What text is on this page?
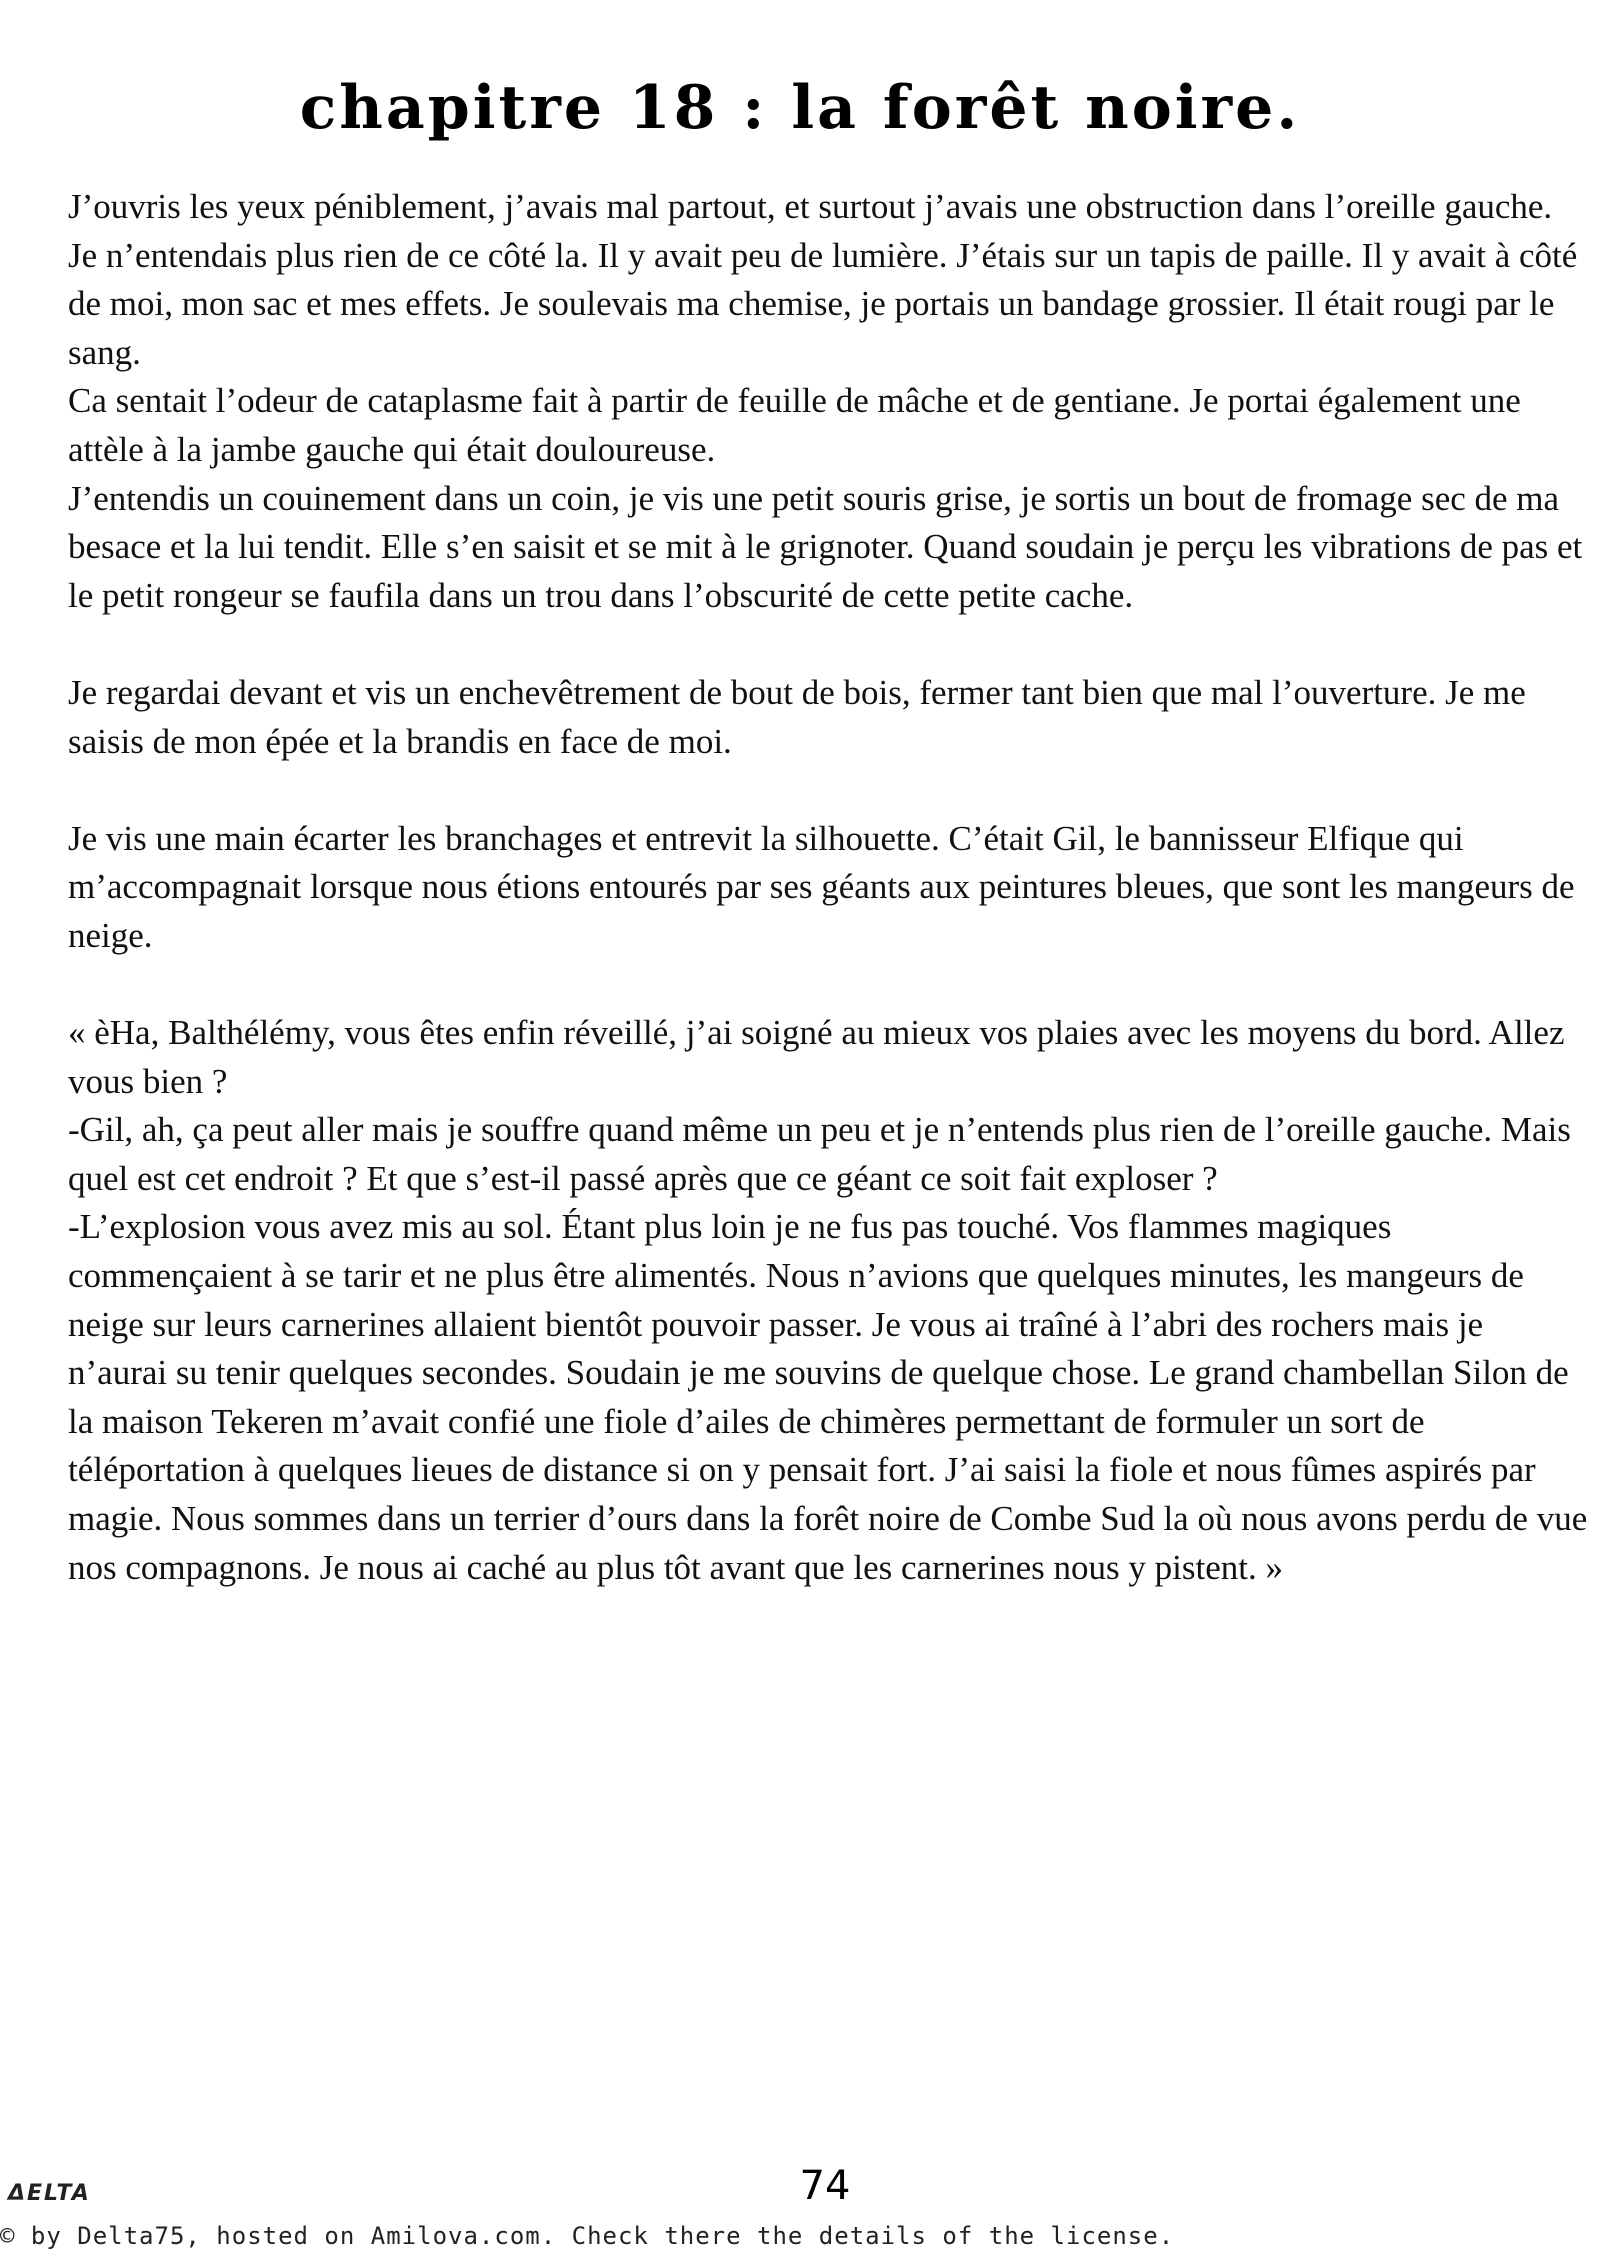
chapitre 18 : la forêt noire.

J’ouvris les yeux péniblement, j’avais mal partout, et surtout j’avais une obstruction dans l’oreille gauche. Je n’entendais plus rien de ce côté la. Il y avait peu de lumière. J’étais sur un tapis de paille. Il y avait à côté de moi, mon sac et mes effets. Je soulevais ma chemise, je portais un bandage grossier. Il était rougi par le sang.

Ca sentait l’odeur de cataplasme fait à partir de feuille de mâche et de gentiane. Je portai également une attèle à la jambe gauche qui était douloureuse.

J’entendis un couinement dans un coin, je vis une petit souris grise, je sortis un bout de fromage sec de ma besace et la lui tendit. Elle s’en saisit et se mit à le grignoter. Quand soudain je perçu les vibrations de pas et le petit rongeur se faufila dans un trou dans l’obscurité de cette petite cache.

Je regardai devant et vis un enchevêtrement de bout de bois, fermer tant bien que mal l’ouverture. Je me saisis de mon épée et la brandis en face de moi.

Je vis une main écarter les branchages et entrevit la silhouette. C’était Gil, le bannisseur Elfique qui m’accompagnait lorsque nous étions entourés par ses géants aux peintures bleues, que sont les mangeurs de neige.

« èHa, Balthélémy, vous êtes enfin réveillé, j’ai soigné au mieux vos plaies avec les moyens du bord. Allez vous bien ?

-Gil, ah, ça peut aller mais je souffre quand même un peu et je n’entends plus rien de l’oreille gauche. Mais quel est cet endroit ? Et que s’est-il passé après que ce géant ce soit fait exploser ?

-L’explosion vous avez mis au sol. Étant plus loin je ne fus pas touché. Vos flammes magiques commençaient à se tarir et ne plus être alimentés. Nous n’avions que quelques minutes, les mangeurs de neige sur leurs carnerines allaient bientôt pouvoir passer. Je vous ai traîné à l’abri des rochers mais je n’aurai su tenir quelques secondes. Soudain je me souvins de quelque chose. Le grand chambellan Silon de la maison Tekeren m’avait confié une fiole d’ailes de chimères permettant de formuler un sort de téléportation à quelques lieues de distance si on y pensait fort. J’ai saisi la fiole et nous fûmes aspirés par magie. Nous sommes dans un terrier d’ours dans la forêt noire de Combe Sud la où nous avons perdu de vue nos compagnons. Je nous ai caché au plus tôt avant que les carnerines nous y pistent. »

ΔELTA	74
© by Delta75, hosted on Amilova.com. Check there the details of the license.
